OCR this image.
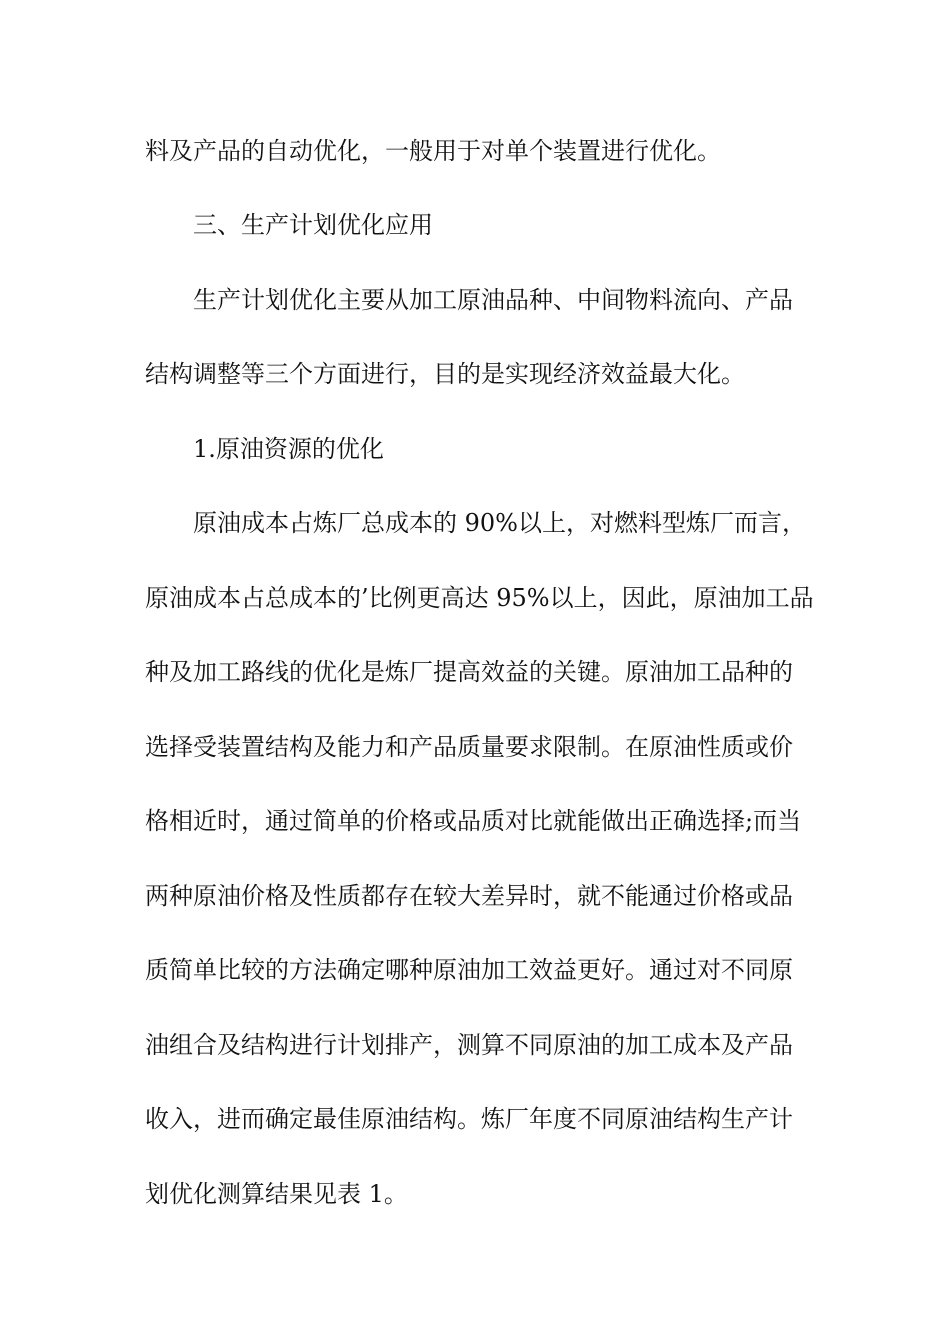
料及产品的自动优化，一般用于对单个装置进行优化。
三、生产计划优化应用
生产计划优化主要从加工原油品种、中间物料流向、产品
结构调整等三个方面进行，目的是实现经济效益最大化。
1.原油资源的优化
原油成本占炼厂总成本的 90%以上，对燃料型炼厂而言，
原油成本占总成本的’比例更高达 95%以上，因此，原油加工品
种及加工路线的优化是炼厂提高效益的关键。原油加工品种的
选择受装置结构及能力和产品质量要求限制。在原油性质或价
格相近时，通过简单的价格或品质对比就能做出正确选择;而当
两种原油价格及性质都存在较大差异时，就不能通过价格或品
质简单比较的方法确定哪种原油加工效益更好。通过对不同原
油组合及结构进行计划排产，测算不同原油的加工成本及产品
收入，进而确定最佳原油结构。炼厂年度不同原油结构生产计
划优化测算结果见表 1。
